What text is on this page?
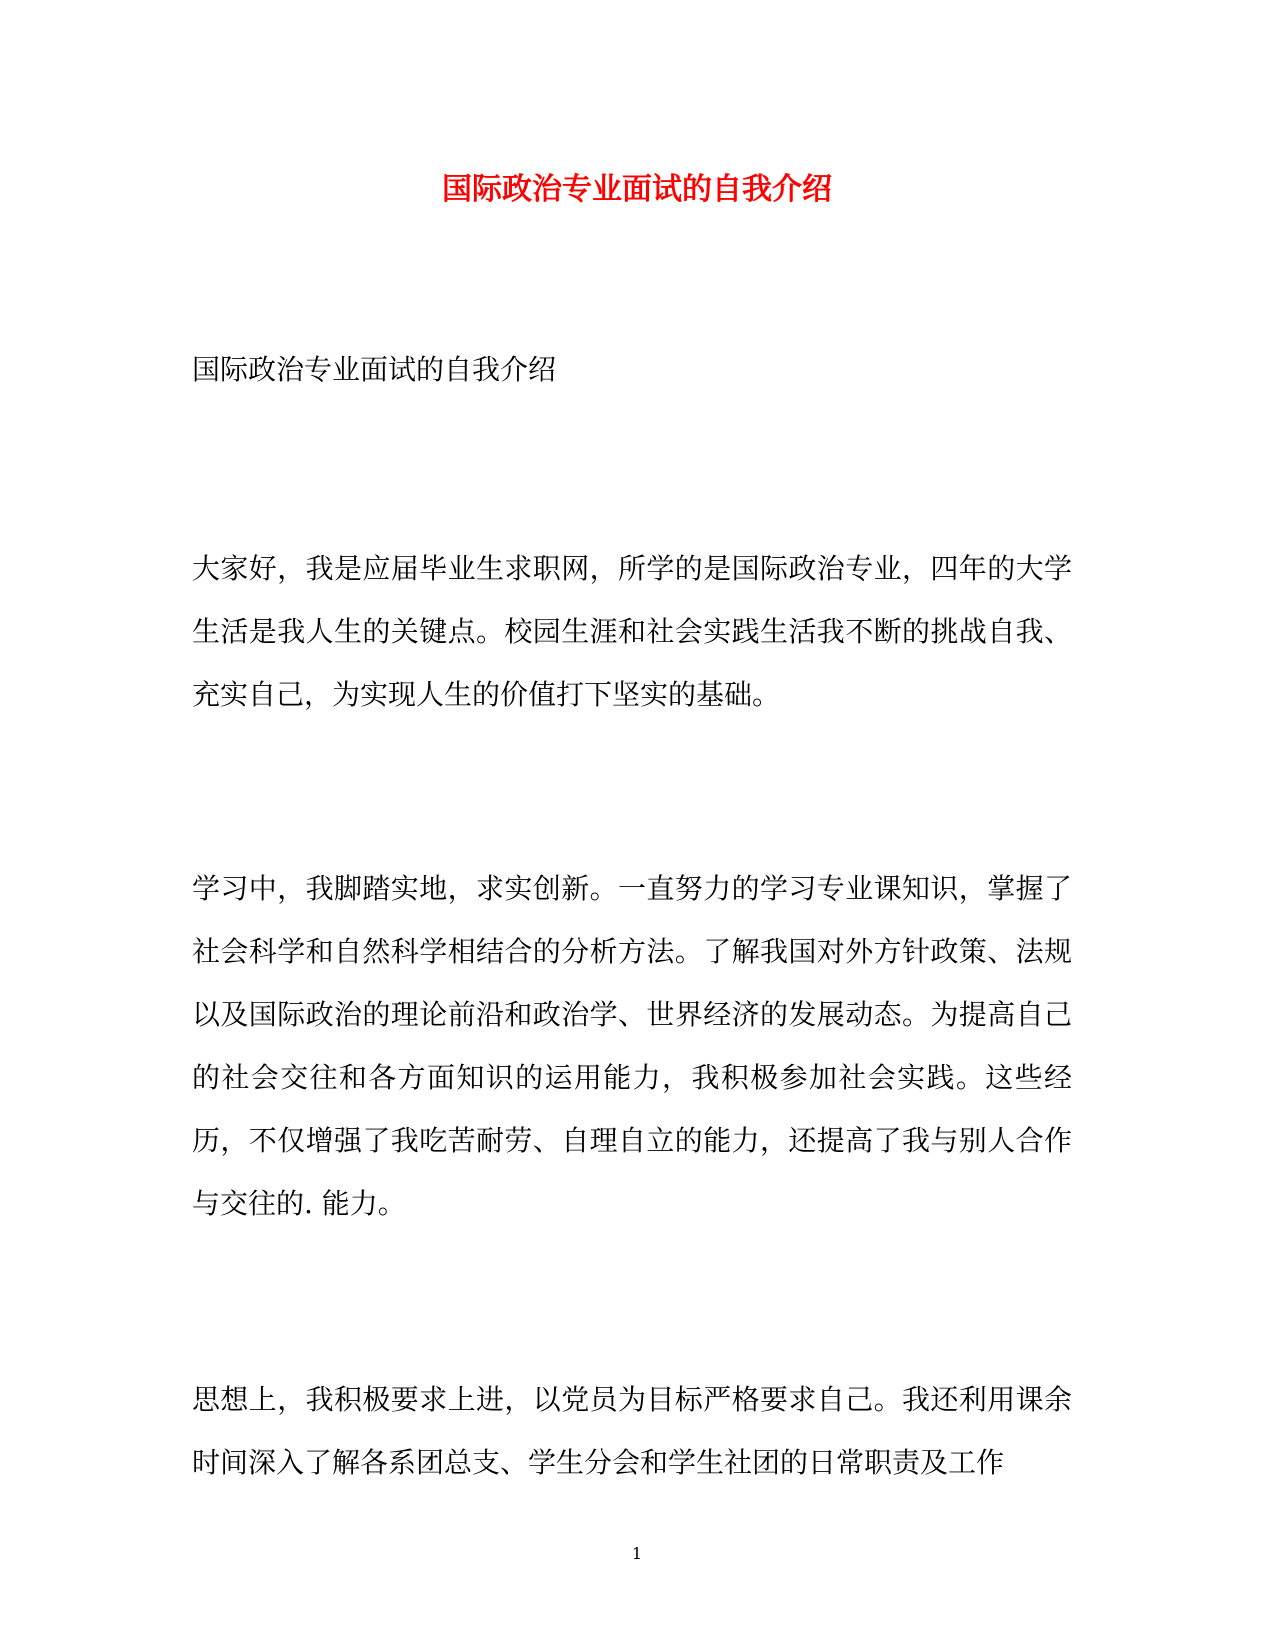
国际政治专业面试的自我介绍

国际政治专业面试的自我介绍

大家好，我是应届毕业生求职网，所学的是国际政治专业，四年的大学生活是我人生的关键点。校园生涯和社会实践生活我不断的挑战自我、充实自己，为实现人生的价值打下坚实的基础。

学习中，我脚踏实地，求实创新。一直努力的学习专业课知识，掌握了社会科学和自然科学相结合的分析方法。了解我国对外方针政策、法规以及国际政治的理论前沿和政治学、世界经济的发展动态。为提高自己的社会交往和各方面知识的运用能力，我积极参加社会实践。这些经历，不仅增强了我吃苦耐劳、自理自立的能力，还提高了我与别人合作与交往的. 能力。

思想上，我积极要求上进，以党员为目标严格要求自己。我还利用课余时间深入了解各系团总支、学生分会和学生社团的日常职责及工作

1
